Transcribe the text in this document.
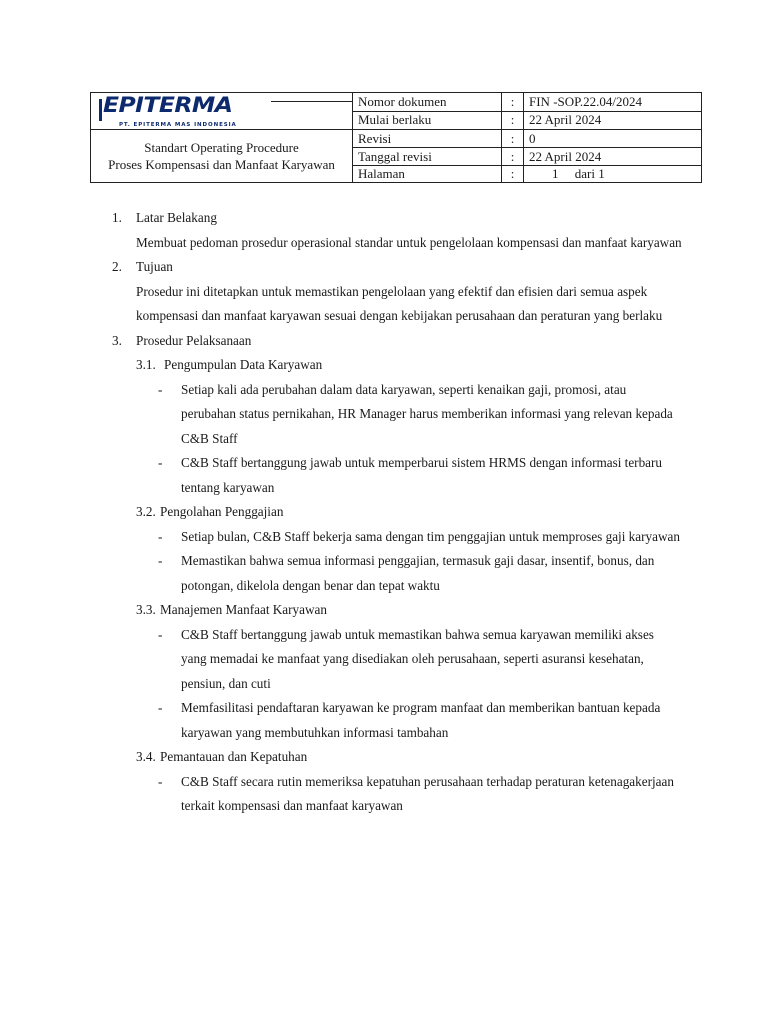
EPITERMA
PT. EPITERMA MAS INDONESIA	Nomor dokumen	:	FIN -SOP.22.04/2024
	Mulai berlaku	:	22 April 2024

Standart Operating Procedure
Proses Kompensasi dan Manfaat Karyawan	Revisi	:	0
	Tanggal revisi	:	22 April 2024
	Halaman	:	1     dari 1
1. Latar Belakang
Membuat pedoman prosedur operasional standar untuk pengelolaan kompensasi dan manfaat karyawan
2. Tujuan
Prosedur ini ditetapkan untuk memastikan pengelolaan yang efektif dan efisien dari semua aspek kompensasi dan manfaat karyawan sesuai dengan kebijakan perusahaan dan peraturan yang berlaku
3. Prosedur Pelaksanaan
3.1. Pengumpulan Data Karyawan
- Setiap kali ada perubahan dalam data karyawan, seperti kenaikan gaji, promosi, atau perubahan status pernikahan, HR Manager harus memberikan informasi yang relevan kepada C&B Staff
- C&B Staff bertanggung jawab untuk memperbarui sistem HRMS dengan informasi terbaru tentang karyawan
3.2. Pengolahan Penggajian
- Setiap bulan, C&B Staff bekerja sama dengan tim penggajian untuk memproses gaji karyawan
- Memastikan bahwa semua informasi penggajian, termasuk gaji dasar, insentif, bonus, dan potongan, dikelola dengan benar dan tepat waktu
3.3. Manajemen Manfaat Karyawan
- C&B Staff bertanggung jawab untuk memastikan bahwa semua karyawan memiliki akses yang memadai ke manfaat yang disediakan oleh perusahaan, seperti asuransi kesehatan, pensiun, dan cuti
- Memfasilitasi pendaftaran karyawan ke program manfaat dan memberikan bantuan kepada karyawan yang membutuhkan informasi tambahan
3.4. Pemantauan dan Kepatuhan
- C&B Staff secara rutin memeriksa kepatuhan perusahaan terhadap peraturan ketenagakerjaan terkait kompensasi dan manfaat karyawan
